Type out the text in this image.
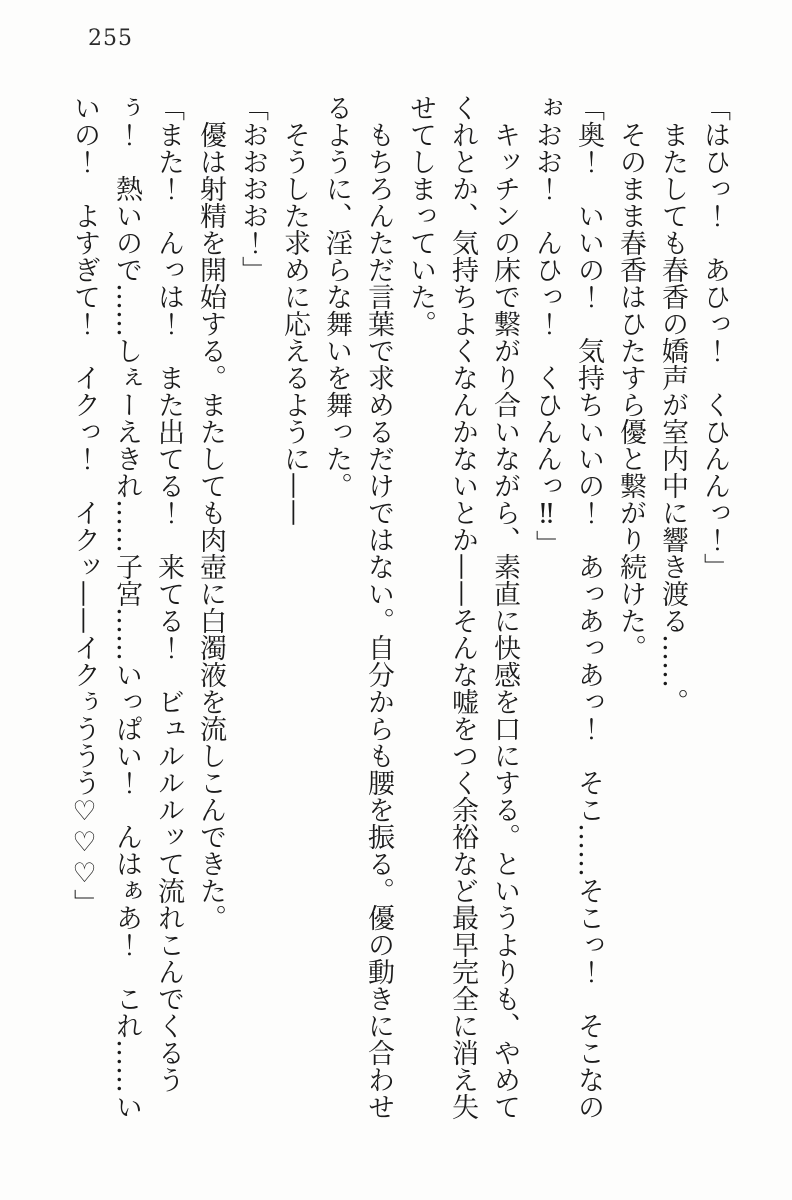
255

「はひっ！　あひっ！　くひんんっ！」

またしても春香の嬌声が室内中に響き渡る……。

そのまま春香はひたすら優と繋がり続けた。

「奥！　いいの！　気持ちいいの！　あっあっあっ！　そこ……そこっ！　そこなの

ぉおお！　んひっ！　くひんんっ‼」

キッチンの床で繋がり合いながら、素直に快感を口にする。というよりも、やめて

くれとか、気持ちよくなんかないとか——そんな嘘をつく余裕など最早完全に消え失

せてしまっていた。

もちろんただ言葉で求めるだけではない。自分からも腰を振る。優の動きに合わせ

るように、淫らな舞いを舞った。

そうした求めに応えるように——

「おおおお！」

優は射精を開始する。またしても肉壺に白濁液を流しこんできた。

「また！　んっは！　また出てる！　来てる！　ビュルルルッて流れこんでくるう

ぅ！　熱いので……しぇーえきれ……子宮……いっぱい！　んはぁあ！　これ……い

いの！　よすぎて！　イクっ！　イクッ——イクぅううう♡♡♡」
